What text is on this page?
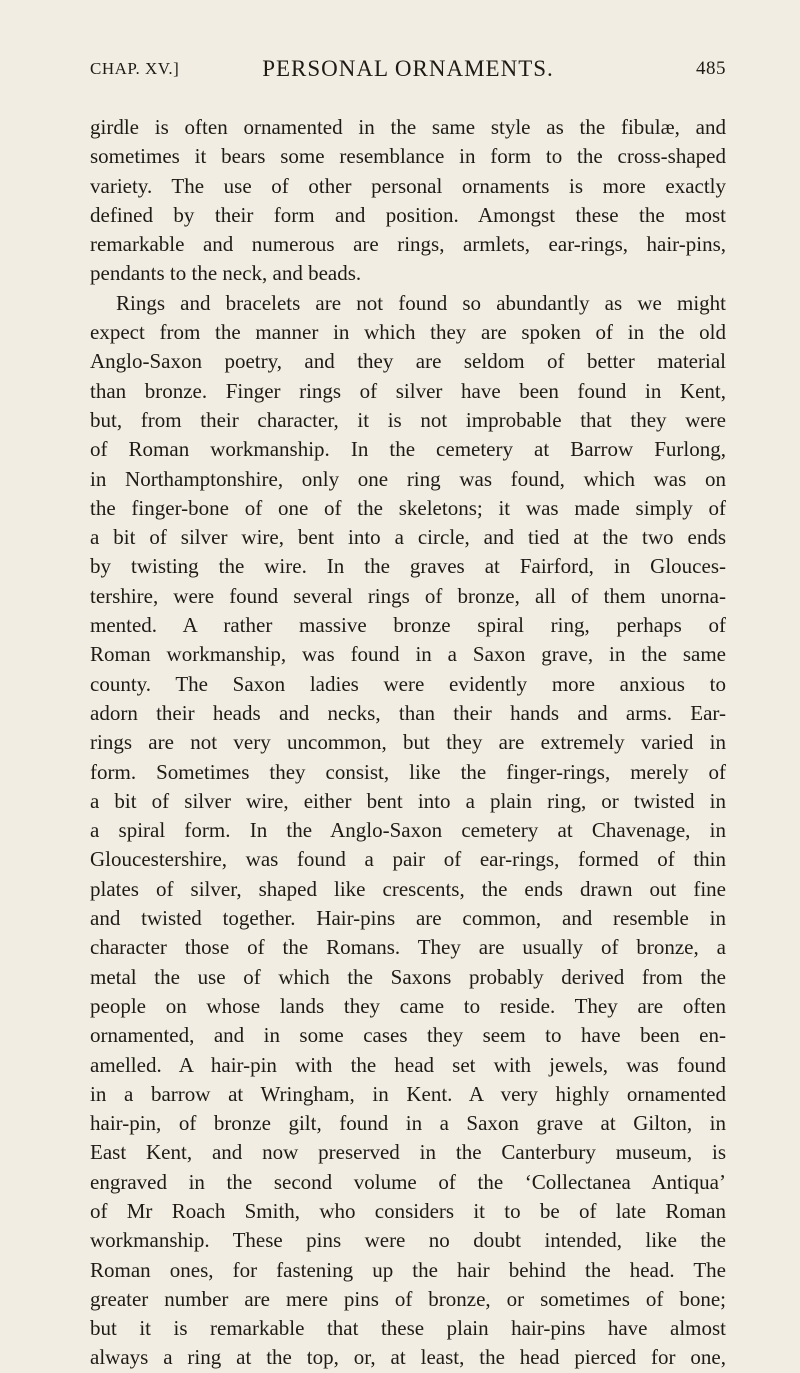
CHAP. XV.]	PERSONAL ORNAMENTS.	485
girdle is often ornamented in the same style as the fibulæ, and
sometimes it bears some resemblance in form to the cross-shaped
variety. The use of other personal ornaments is more exactly
defined by their form and position. Amongst these the most
remarkable and numerous are rings, armlets, ear-rings, hair-pins,
pendants to the neck, and beads.
Rings and bracelets are not found so abundantly as we might
expect from the manner in which they are spoken of in the old
Anglo-Saxon poetry, and they are seldom of better material
than bronze. Finger rings of silver have been found in Kent,
but, from their character, it is not improbable that they were
of Roman workmanship. In the cemetery at Barrow Furlong,
in Northamptonshire, only one ring was found, which was on
the finger-bone of one of the skeletons; it was made simply of
a bit of silver wire, bent into a circle, and tied at the two ends
by twisting the wire. In the graves at Fairford, in Glouces-
tershire, were found several rings of bronze, all of them unorna-
mented. A rather massive bronze spiral ring, perhaps of
Roman workmanship, was found in a Saxon grave, in the same
county. The Saxon ladies were evidently more anxious to
adorn their heads and necks, than their hands and arms. Ear-
rings are not very uncommon, but they are extremely varied in
form. Sometimes they consist, like the finger-rings, merely of
a bit of silver wire, either bent into a plain ring, or twisted in
a spiral form. In the Anglo-Saxon cemetery at Chavenage, in
Gloucestershire, was found a pair of ear-rings, formed of thin
plates of silver, shaped like crescents, the ends drawn out fine
and twisted together. Hair-pins are common, and resemble in
character those of the Romans. They are usually of bronze, a
metal the use of which the Saxons probably derived from the
people on whose lands they came to reside. They are often
ornamented, and in some cases they seem to have been en-
amelled. A hair-pin with the head set with jewels, was found
in a barrow at Wringham, in Kent. A very highly ornamented
hair-pin, of bronze gilt, found in a Saxon grave at Gilton, in
East Kent, and now preserved in the Canterbury museum, is
engraved in the second volume of the ‘Collectanea Antiqua’
of Mr Roach Smith, who considers it to be of late Roman
workmanship. These pins were no doubt intended, like the
Roman ones, for fastening up the hair behind the head. The
greater number are mere pins of bronze, or sometimes of bone;
but it is remarkable that these plain hair-pins have almost
always a ring at the top, or, at least, the head pierced for one,
